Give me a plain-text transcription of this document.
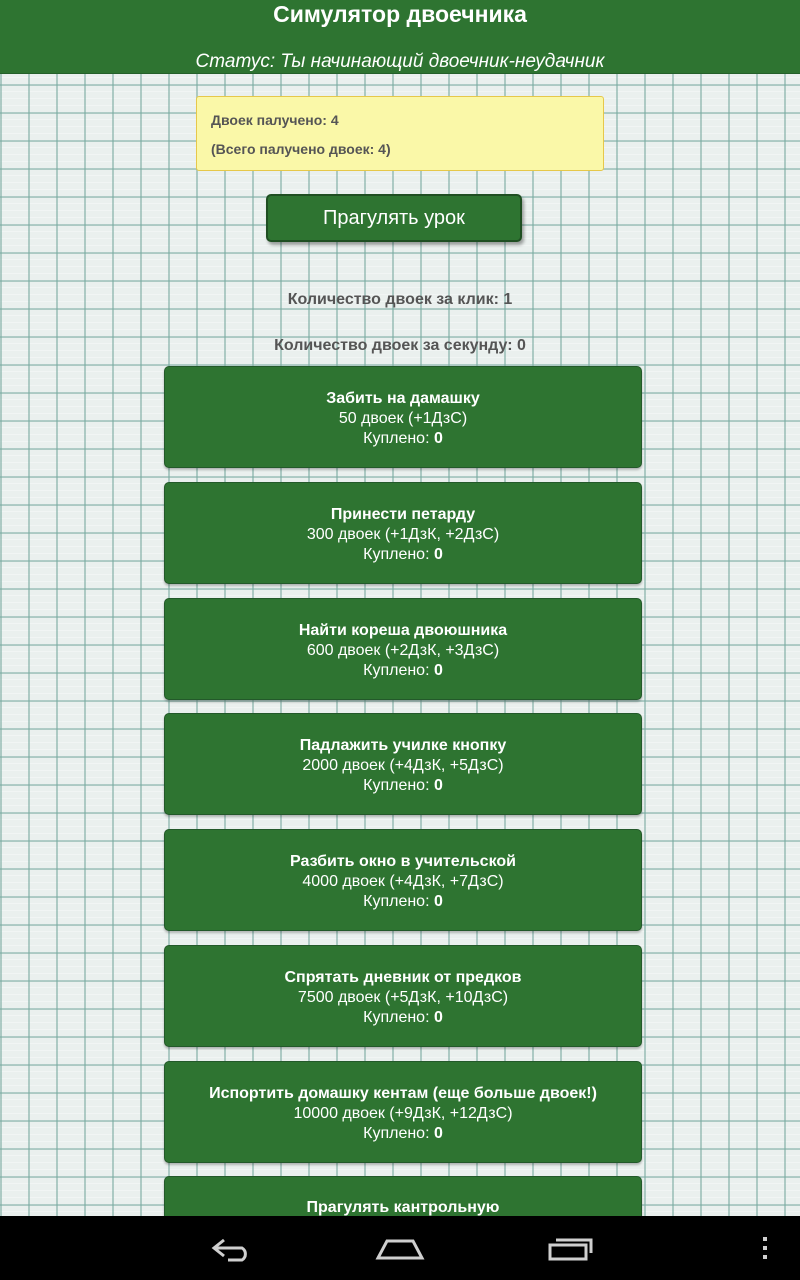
Симулятор двоечника
Статус: Ты начинающий двоечник-неудачник
Двоек палучено: 4
(Всего палучено двоек: 4)
Прагулять урок
Количество двоек за клик: 1
Количество двоек за секунду: 0
Забить на дамашку
50 двоек (+1ДзС)
Куплено: 0
Принести петарду
300 двоек (+1ДзК, +2ДзС)
Куплено: 0
Найти кореша двоюшника
600 двоек (+2ДзК, +3ДзС)
Куплено: 0
Падлажить училке кнопку
2000 двоек (+4ДзК, +5ДзС)
Куплено: 0
Разбить окно в учительской
4000 двоек (+4ДзК, +7ДзС)
Куплено: 0
Спрятать дневник от предков
7500 двоек (+5ДзК, +10ДзС)
Куплено: 0
Испортить домашку кентам (еще больше двоек!)
10000 двоек (+9ДзК, +12ДзС)
Куплено: 0
Прагулять кантрольную
